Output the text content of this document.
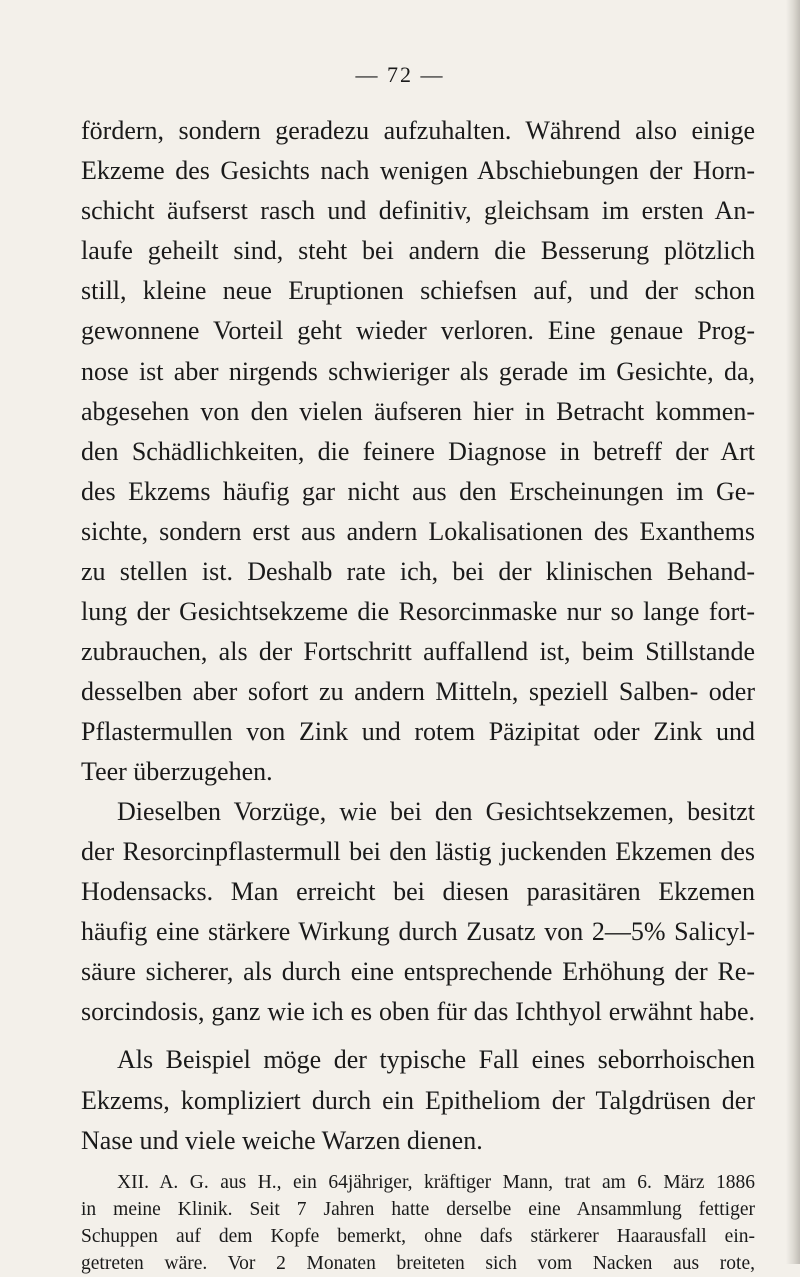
— 72 —
fördern, sondern geradezu aufzuhalten. Während also einige
Ekzeme des Gesichts nach wenigen Abschiebungen der Horn-
schicht äufserst rasch und definitiv, gleichsam im ersten An-
laufe geheilt sind, steht bei andern die Besserung plötzlich
still, kleine neue Eruptionen schiefsen auf, und der schon
gewonnene Vorteil geht wieder verloren. Eine genaue Prog-
nose ist aber nirgends schwieriger als gerade im Gesichte, da,
abgesehen von den vielen äufseren hier in Betracht kommen-
den Schädlichkeiten, die feinere Diagnose in betreff der Art
des Ekzems häufig gar nicht aus den Erscheinungen im Ge-
sichte, sondern erst aus andern Lokalisationen des Exanthems
zu stellen ist. Deshalb rate ich, bei der klinischen Behand-
lung der Gesichtsekzeme die Resorcinmaske nur so lange fort-
zubrauchen, als der Fortschritt auffallend ist, beim Stillstande
desselben aber sofort zu andern Mitteln, speziell Salben- oder
Pflastermullen von Zink und rotem Päzipitat oder Zink und
Teer überzugehen.
Dieselben Vorzüge, wie bei den Gesichtsekzemen, besitzt
der Resorcinpflastermull bei den lästig juckenden Ekzemen des
Hodensacks. Man erreicht bei diesen parasitären Ekzemen
häufig eine stärkere Wirkung durch Zusatz von 2—5% Salicyl-
säure sicherer, als durch eine entsprechende Erhöhung der Re-
sorcindosis, ganz wie ich es oben für das Ichthyol erwähnt habe.
Als Beispiel möge der typische Fall eines seborrhoischen
Ekzems, kompliziert durch ein Epitheliom der Talgdrüsen der
Nase und viele weiche Warzen dienen.
XII. A. G. aus H., ein 64jähriger, kräftiger Mann, trat am 6. März 1886
in meine Klinik. Seit 7 Jahren hatte derselbe eine Ansammlung fettiger
Schuppen auf dem Kopfe bemerkt, ohne dafs stärkerer Haarausfall ein-
getreten wäre. Vor 2 Monaten breiteten sich vom Nacken aus rote,
